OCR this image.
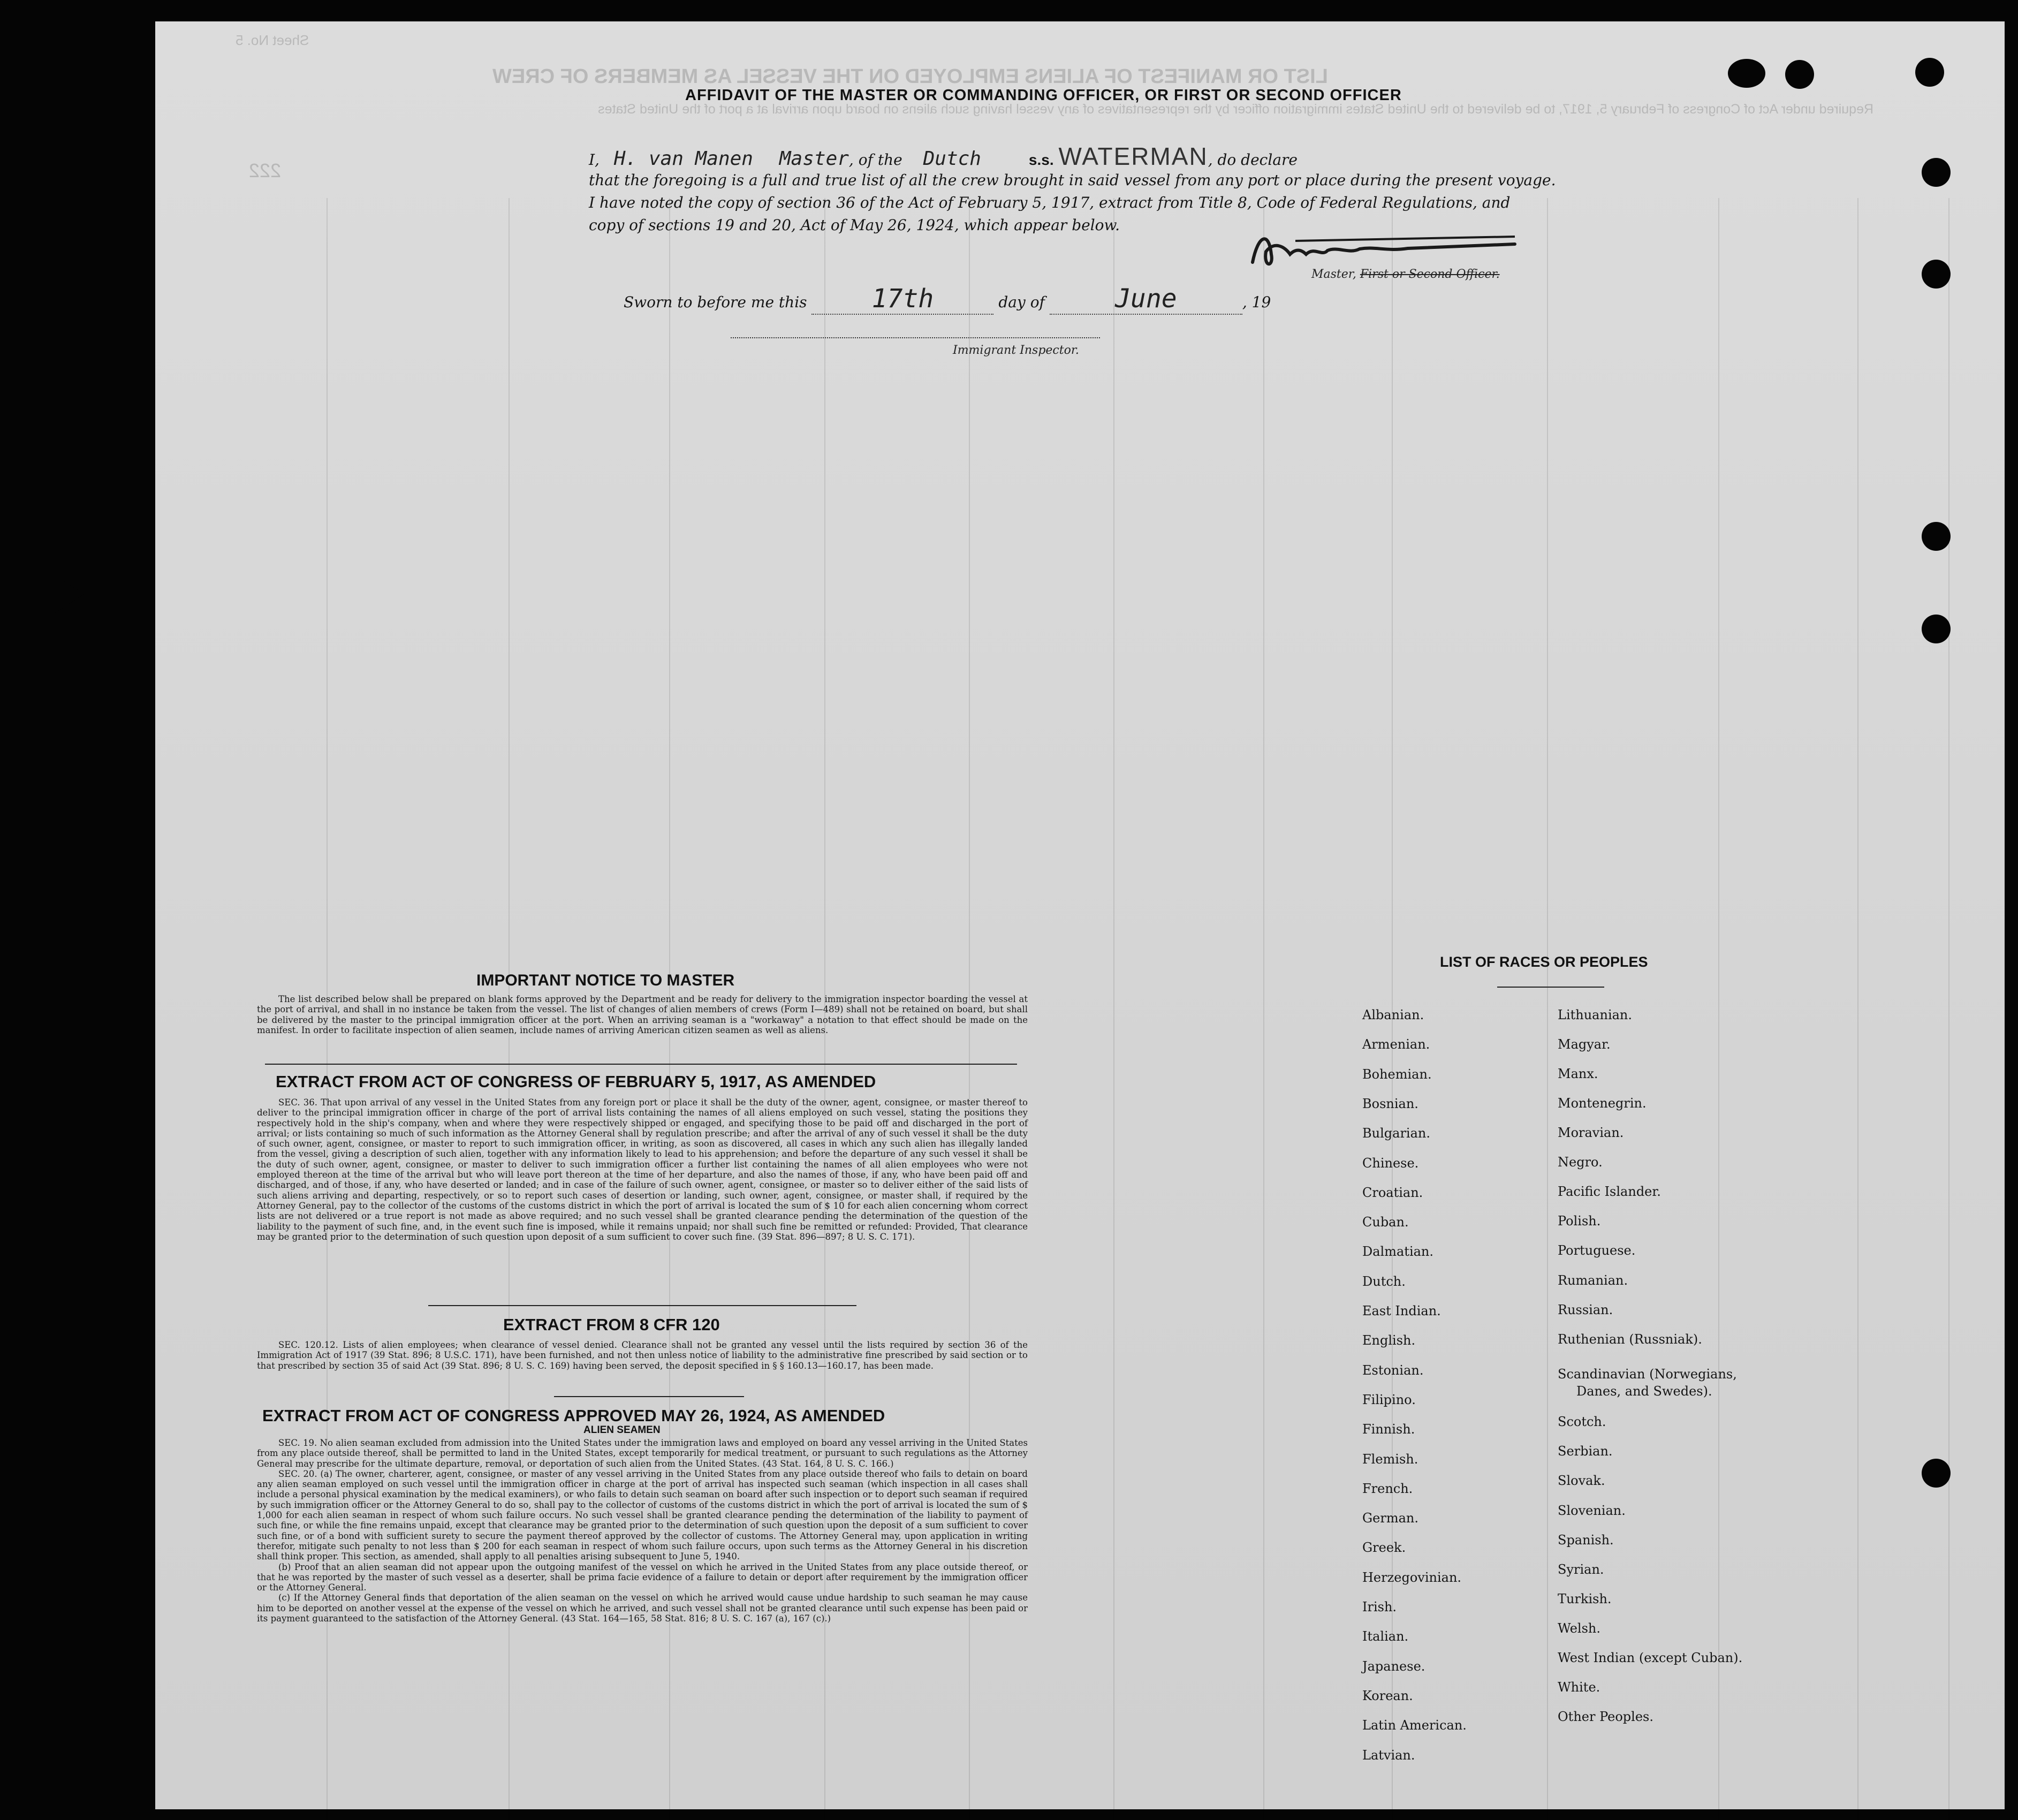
Sheet No. 5
LIST OR MANIFEST OF ALIENS EMPLOYED ON THE VESSEL AS MEMBERS OF CREW
Required under Act of Congress of February 5, 1917, to be delivered to the United States immigration officer by the representatives of any vessel having such aliens on board upon arrival at a port of the United States
222
AFFIDAVIT OF THE MASTER OR COMMANDING OFFICER, OR FIRST OR SECOND OFFICER
I, H. van Manen Master, of the Dutch	s.s. WATERMAN, do declare
that the foregoing is a full and true list of all the crew brought in said vessel from any port or place during the present voyage.
I have noted the copy of section 36 of the Act of February 5, 1917, extract from Title 8, Code of Federal Regulations, and
copy of sections 19 and 20, Act of May 26, 1924, which appear below.
Master, First or Second Officer.
Sworn to before me this	17th	day of	June	, 19
Immigrant Inspector.
IMPORTANT NOTICE TO MASTER

The list described below shall be prepared on blank forms approved by the Department and be ready for delivery to the immigration inspector boarding the vessel at the port of arrival, and shall in no instance be taken from the vessel. The list of changes of alien members of crews (Form I—489) shall not be retained on board, but shall be delivered by the master to the principal immigration officer at the port. When an arriving seaman is a "workaway" a notation to that effect should be made on the manifest. In order to facilitate inspection of alien seamen, include names of arriving American citizen seamen as well as aliens.

EXTRACT FROM ACT OF CONGRESS OF FEBRUARY 5, 1917, AS AMENDED

SEC. 36. That upon arrival of any vessel in the United States from any foreign port or place it shall be the duty of the owner, agent, consignee, or master thereof to deliver to the principal immigration officer in charge of the port of arrival lists containing the names of all aliens employed on such vessel, stating the positions they respectively hold in the ship's company, when and where they were respectively shipped or engaged, and specifying those to be paid off and discharged in the port of arrival; or lists containing so much of such information as the Attorney General shall by regulation prescribe; and after the arrival of any of such vessel it shall be the duty of such owner, agent, consignee, or master to report to such immigration officer, in writing, as soon as discovered, all cases in which any such alien has illegally landed from the vessel, giving a description of such alien, together with any information likely to lead to his apprehension; and before the departure of any such vessel it shall be the duty of such owner, agent, consignee, or master to deliver to such immigration officer a further list containing the names of all alien employees who were not employed thereon at the time of the arrival but who will leave port thereon at the time of her departure, and also the names of those, if any, who have been paid off and discharged, and of those, if any, who have deserted or landed; and in case of the failure of such owner, agent, consignee, or master so to deliver either of the said lists of such aliens arriving and departing, respectively, or so to report such cases of desertion or landing, such owner, agent, consignee, or master shall, if required by the Attorney General, pay to the collector of the customs of the customs district in which the port of arrival is located the sum of $ 10 for each alien concerning whom correct lists are not delivered or a true report is not made as above required; and no such vessel shall be granted clearance pending the determination of the question of the liability to the payment of such fine, and, in the event such fine is imposed, while it remains unpaid; nor shall such fine be remitted or refunded: Provided, That clearance may be granted prior to the determination of such question upon deposit of a sum sufficient to cover such fine. (39 Stat. 896—897; 8 U. S. C. 171).

EXTRACT FROM 8 CFR 120

SEC. 120.12. Lists of alien employees; when clearance of vessel denied. Clearance shall not be granted any vessel until the lists required by section 36 of the Immigration Act of 1917 (39 Stat. 896; 8 U.S.C. 171), have been furnished, and not then unless notice of liability to the administrative fine prescribed by said section or to that prescribed by section 35 of said Act (39 Stat. 896; 8 U. S. C. 169) having been served, the deposit specified in § § 160.13—160.17, has been made.

EXTRACT FROM ACT OF CONGRESS APPROVED MAY 26, 1924, AS AMENDED
ALIEN SEAMEN

SEC. 19. No alien seaman excluded from admission into the United States under the immigration laws and employed on board any vessel arriving in the United States from any place outside thereof, shall be permitted to land in the United States, except temporarily for medical treatment, or pursuant to such regulations as the Attorney General may prescribe for the ultimate departure, removal, or deportation of such alien from the United States. (43 Stat. 164, 8 U. S. C. 166.)

SEC. 20. (a) The owner, charterer, agent, consignee, or master of any vessel arriving in the United States from any place outside thereof who fails to detain on board any alien seaman employed on such vessel until the immigration officer in charge at the port of arrival has inspected such seaman (which inspection in all cases shall include a personal physical examination by the medical examiners), or who fails to detain such seaman on board after such inspection or to deport such seaman if required by such immigration officer or the Attorney General to do so, shall pay to the collector of customs of the customs district in which the port of arrival is located the sum of $ 1,000 for each alien seaman in respect of whom such failure occurs. No such vessel shall be granted clearance pending the determination of the liability to payment of such fine, or while the fine remains unpaid, except that clearance may be granted prior to the determination of such question upon the deposit of a sum sufficient to cover such fine, or of a bond with sufficient surety to secure the payment thereof approved by the collector of customs. The Attorney General may, upon application in writing therefor, mitigate such penalty to not less than $ 200 for each seaman in respect of whom such failure occurs, upon such terms as the Attorney General in his discretion shall think proper. This section, as amended, shall apply to all penalties arising subsequent to June 5, 1940.

(b) Proof that an alien seaman did not appear upon the outgoing manifest of the vessel on which he arrived in the United States from any place outside thereof, or that he was reported by the master of such vessel as a deserter, shall be prima facie evidence of a failure to detain or deport after requirement by the immigration officer or the Attorney General.

(c) If the Attorney General finds that deportation of the alien seaman on the vessel on which he arrived would cause undue hardship to such seaman he may cause him to be deported on another vessel at the expense of the vessel on which he arrived, and such vessel shall not be granted clearance until such expense has been paid or its payment guaranteed to the satisfaction of the Attorney General. (43 Stat. 164—165, 58 Stat. 816; 8 U. S. C. 167 (a), 167 (c).)

LIST OF RACES OR PEOPLES
Albanian.
Armenian.
Bohemian.
Bosnian.
Bulgarian.
Chinese.
Croatian.
Cuban.
Dalmatian.
Dutch.
East Indian.
English.
Estonian.
Filipino.
Finnish.
Flemish.
French.
German.
Greek.
Herzegovinian.
Irish.
Italian.
Japanese.
Korean.
Latin American.
Latvian.
Lithuanian.
Magyar.
Manx.
Montenegrin.
Moravian.
Negro.
Pacific Islander.
Polish.
Portuguese.
Rumanian.
Russian.
Ruthenian (Russniak).
Scandinavian (Norwegians,
Danes, and Swedes).
Scotch.
Serbian.
Slovak.
Slovenian.
Spanish.
Syrian.
Turkish.
Welsh.
West Indian (except Cuban).
White.
Other Peoples.
